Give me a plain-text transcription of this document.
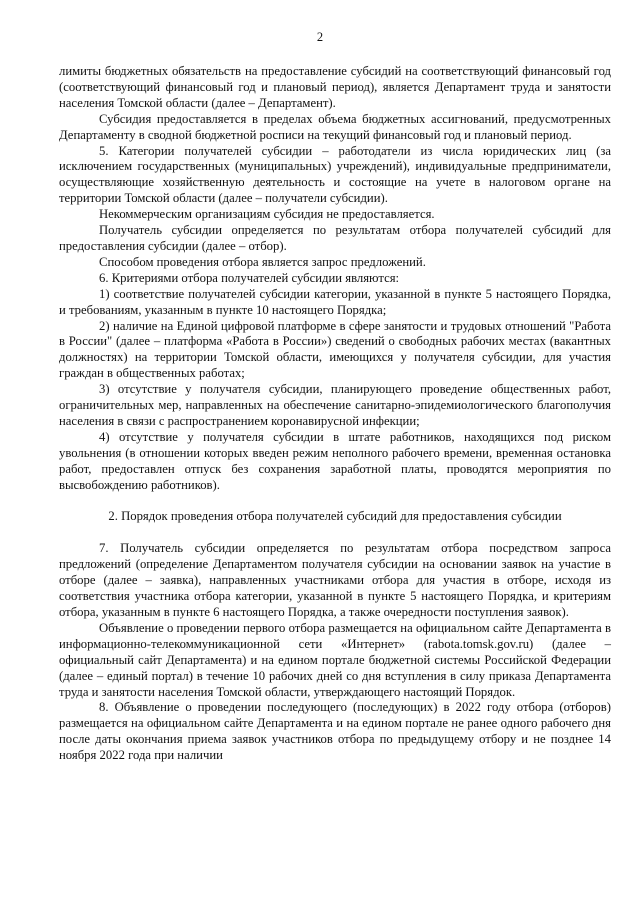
2

лимиты бюджетных обязательств на предоставление субсидий на соответствующий финансовый год (соответствующий финансовый год и плановый период), является Департамент труда и занятости населения Томской области (далее – Департамент).

Субсидия предоставляется в пределах объема бюджетных ассигнований, предусмотренных Департаменту в сводной бюджетной росписи на текущий финансовый год и плановый период.

5. Категории получателей субсидии – работодатели из числа юридических лиц (за исключением государственных (муниципальных) учреждений), индивидуальные предприниматели, осуществляющие хозяйственную деятельность и состоящие на учете в налоговом органе на территории Томской области (далее – получатели субсидии).

Некоммерческим организациям субсидия не предоставляется.

Получатель субсидии определяется по результатам отбора получателей субсидий для предоставления субсидии (далее – отбор).

Способом проведения отбора является запрос предложений.

6. Критериями отбора получателей субсидии являются:

1) соответствие получателей субсидии категории, указанной в пункте 5 настоящего Порядка, и требованиям, указанным в пункте 10 настоящего Порядка;

2) наличие на Единой цифровой платформе в сфере занятости и трудовых отношений "Работа в России" (далее – платформа «Работа в России») сведений о свободных рабочих местах (вакантных должностях) на территории Томской области, имеющихся у получателя субсидии, для участия граждан в общественных работах;

3) отсутствие у получателя субсидии, планирующего проведение общественных работ, ограничительных мер, направленных на обеспечение санитарно-эпидемиологического благополучия населения в связи с распространением коронавирусной инфекции;

4) отсутствие у получателя субсидии в штате работников, находящихся под риском увольнения (в отношении которых введен режим неполного рабочего времени, временная остановка работ, предоставлен отпуск без сохранения заработной платы, проводятся мероприятия по высвобождению работников).

2. Порядок проведения отбора получателей субсидий для предоставления субсидии

7. Получатель субсидии определяется по результатам отбора посредством запроса предложений (определение Департаментом получателя субсидии на основании заявок на участие в отборе (далее – заявка), направленных участниками отбора для участия в отборе, исходя из соответствия участника отбора категории, указанной в пункте 5 настоящего Порядка, и критериям отбора, указанным в пункте 6 настоящего Порядка, а также очередности поступления заявок).

Объявление о проведении первого отбора размещается на официальном сайте Департамента в информационно-телекоммуникационной сети «Интернет» (rabota.tomsk.gov.ru) (далее – официальный сайт Департамента) и на едином портале бюджетной системы Российской Федерации (далее – единый портал) в течение 10 рабочих дней со дня вступления в силу приказа Департамента труда и занятости населения Томской области, утверждающего настоящий Порядок.

8. Объявление о проведении последующего (последующих) в 2022 году отбора (отборов) размещается на официальном сайте Департамента и на едином портале не ранее одного рабочего дня после даты окончания приема заявок участников отбора по предыдущему отбору и не позднее 14 ноября 2022 года при наличии
